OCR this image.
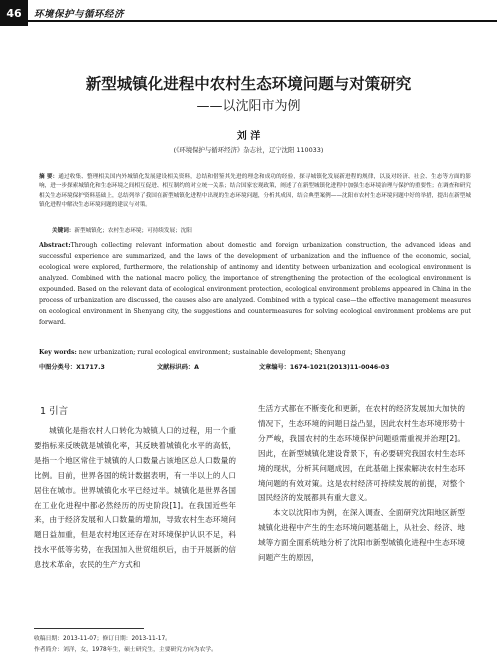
46	环境保护与循环经济
新型城镇化进程中农村生态环境问题与对策研究
——以沈阳市为例
刘 洋
(《环境保护与循环经济》杂志社，辽宁沈阳 110033)
摘 要：通过收集、整理相关国内外城镇化发展建设相关资料，总结和借鉴其先进的理念和成功的经验，探寻城镇化发展新进程的规律，以及对经济、社会、生态等方面的影响，进一步探索城镇化和生态环境之间相互促进、相互制约的对立统一关系；结合国家宏观政策，阐述了在新型城镇化进程中加强生态环境治理与保护的重要性；在调查和研究相关生态环境保护资料基础上，总结列举了我国在新型城镇化进程中出现的生态环境问题，分析其成因，结合典型案例——沈阳市农村生态环境问题中好的举措，提出在新型城镇化进程中解决生态环境问题的建议与对策。
关键词：新型城镇化；农村生态环境；可持续发展；沈阳
Abstract:Through collecting relevant information about domestic and foreign urbanization construction, the advanced ideas and successful experience are summarized, and the laws of the development of urbanization and the influence of the economic, social, ecological were explored, furthermore, the relationship of antinomy and identity between urbanization and ecological environment is analyzed. Combined with the national macro policy, the importance of strengthening the protection of the ecological environment is expounded. Based on the relevant data of ecological environment protection, ecological environment problems appeared in China in the process of urbanization are discussed, the causes also are analyzed. Combined with a typical case—the effective management measures on ecological environment in Shenyang city, the suggestions and countermeasures for solving ecological environment problems are put forward.
Key words: new urbanization; rural ecological environment; sustainable development; Shenyang
中图分类号：X1717.3	文献标识码：A	文章编号：1674-1021(2013)11-0046-03
1 引言

城镇化是指农村人口转化为城镇人口的过程，用一个重要指标来反映就是城镇化率，其反映着城镇化水平的高低，是指一个地区常住于城镇的人口数量占该地区总人口数量的比例。目前，世界各国的统计数据表明，有一半以上的人口居住在城市。世界城镇化水平已经过半。城镇化是世界各国在工业化进程中都必然经历的历史阶段[1]。在我国近些年来，由于经济发展和人口数量的增加，导致农村生态环境问题日益加重，但是农村地区还存在对环境保护认识不足，科技水平低等劣势，在我国加入世贸组织后，由于开展新的信息技术革命，农民的生产方式和

生活方式都在不断变化和更新，在农村的经济发展加大加快的情况下，生态环境的问题日益凸显，因此农村生态环境形势十分严峻，我国农村的生态环境保护问题亟需重视并治理[2]。因此，在新型城镇化建设背景下，有必要研究我国农村生态环境的现状，分析其问题成因，在此基础上探索解决农村生态环境问题的有效对策。这是农村经济可持续发展的前提，对整个国民经济的发展都具有重大意义。

本文以沈阳市为例，在深入调查、全面研究沈阳地区新型城镇化进程中产生的生态环境问题基础上，从社会、经济、地域等方面全面系统地分析了沈阳市新型城镇化进程中生态环境问题产生的原因，

收稿日期：2013-11-07；修订日期：2013-11-17。
作者简介：刘洋，女，1978年生，硕士研究生，主要研究方向为农学。
